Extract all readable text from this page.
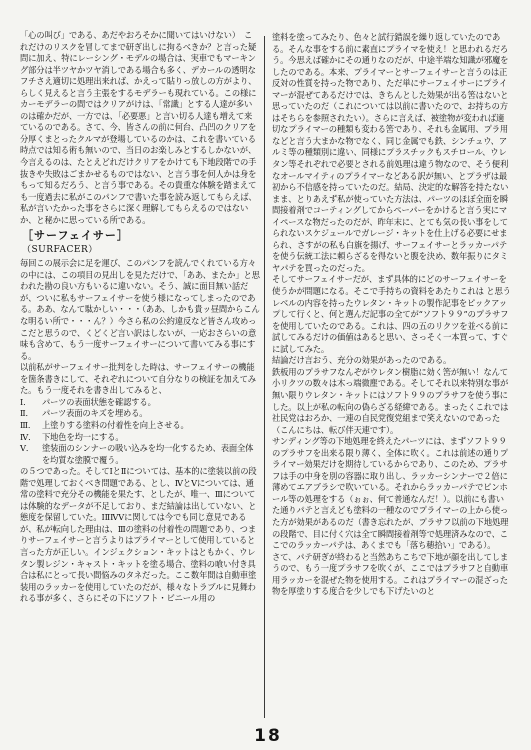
「心の叫び」である、あだやおろそかに聞いてはいけない）　これだけのリスクを冒してまで研ぎ出しに拘るべきか？と言った疑問に加え、特にレーシング・モデルの場合は、実車でもマーキング部分は半ツヤかツヤ消しである場合も多く、デカールの透明なフチさえ適切に処理出来れば、かえって貼りっ放しの方がより、らしく見えると言う主張をするモデラーも現れている。この様にカーモデラーの間ではクリアがけは、「常識」とする人達が多いのは確かだが、一方では、「必要悪」と言い切る人達も増えて来ているのである。さて、今、皆さんの前に何台、凸凹のクリアを分厚くまとったクルマが登場しているのかは、これを書いている時点では知る術も無いので、当日のお楽しみとするしかないが、今言えるのは、たとえどれだけクリアをかけても下地段階での手抜きや失敗はごまかせるものではない、と言う事を何人かは身をもって知るだろう、と言う事である。その貴重な体験を踏まえても一度過去に私がこのパンフで書いた事を読み返してもらえば、私が言いたかった事をさらに深く理解してもらえるのではないか、と秘かに思っている所である。

［サーフェイサー］
（SURFACER）

毎回この展示会に足を運び、このパンフを読んでくれている方々の中には、この項目の見出しを見ただけで、「ああ、またか」と思われた勘の良い方もいるに違いない。そう、誠に面目無い話だが、ついに私もサーフェイサーを使う様になってしまったのである。ああ、なんて駄かしい・・・（ああ、しかも貴ッ昼間からこんな明るい所で・・・ん？）今さら私の公約違反など皆さん攻めっこだと思うので、くどくど言い訳はしないが、一応おさらいの意味も含めて、もう一度サーフェイサーについて書いてみる事にする。

以前私がサーフェイサー批判をした時は、サーフェイサーの機能を箇条書きにして、それぞれについて自分なりの検証を加えてみた。もう一度それを書き出してみると、

Ⅰ．	パーツの表面状態を確認する。
Ⅱ．	パーツ表面のキズを埋める。
Ⅲ． 上塗りする塗料の付着性を向上させる。
Ⅳ． 下地色を均一にする。
Ⅴ． 塗装面のシンナーの吸い込みを均一化するため、表面全体を均質な塗膜で覆う。

の５つであった。そしてⅠとⅡについては、基本的に塗装以前の段階で処理しておくべき問題である、とし、ⅣとⅤについては、通常の塗料で充分その機能を果たす、としたが、唯一、Ⅲについては体験的なデータが不足しており、まだ結論は出していない、と態度を保留していた。ⅠⅡⅣⅤに関しては今でも同じ意見であるが、私が転向した理由は、Ⅲの塗料の付着性の問題であり、つまりサーフェイサーと言うよりはプライマーとして使用していると言った方が正しい。インジェクション・キットはともかく、ウレタン製レジン・キャスト・キットを塗る場合、塗料の喰い付き具合は私にとって長い間悩みのタネだった。ここ数年間は自動車塗装用のラッカーを使用していたのだが、様々なトラブルに見舞われる事が多く、さらにその下にソフト・ビニール用の

塗料を塗ってみたり、色々と試行錯誤を繰り返していたのである。そんな事をする前に素直にプライマを使え！と思われるだろう。今思えば確かにその通りなのだが、中途半端な知識が邪魔をしたのである。本来、プライマーとサーフェイサーと言うのは正反対の性質を持った物であり、ただ単にサーフェイサーにプライマーが混ぜてあるだけでは、きちんとした効果が出る筈はないと思っていたのだ（これについては以前に書いたので、お持ちの方はそちらを参照されたい）。さらに言えば、被塗物が変われば適切なプライマーの種類も変わる筈であり、それも金属用、プラ用などと言う大まかな物でなく、同じ金属でも鉄、シンチュウ、アルミ等の種類別に違い、同様にプラスチックもスチロール、ウレタン等それぞれで必要とされる前処理は違う物なので、そう便利なオールマイティのプライマーなどある訳が無い、とプラザは最初から不信感を持っていたのだ。結局、決定的な解答を持たないまま、とりあえず私が使っていた方法は、パーツのほぼ全面を瞬間接着剤でコーティングしてからペーパーをかけると言う実にマイペースな物だったのだが、昨年末に、とても気の長い事をしてられないスケジュールでガレージ・キットを仕上げる必要にせまられ、さすがの私も白旗を揚げ、サーフェイサーとラッカーパテを使う伝統工法に頼らざるを得ないと腹を決め、数年振りにタミヤパテを買ったのだった。

そしてサーフェイサーだが、まず具体的にどのサーフェイサーを使うかが問題になる。そこで手持ちの資料をあたりこれは と思うレベルの内容を持ったウレタン・キットの製作記事をピックアップして行くと、何と選んだ記事の全てが“ソフト９９”のプラサフを使用していたのである。これは、四の五のリクツを並べる前に試してみるだけの価値はあると思い、さっそく一本買って、すぐに試してみた。

結論だけ言おう、充分の効果があったのである。

鉄板用のプラサフなんぞがウレタン樹脂に効く筈が無い！なんて小リクツの数々は木っ端微塵である。そしてそれ以来特別な事が無い限りウレタン・キットにはソフト９９のプラサフを使う事にした。以上が私の転向の偽らざる経緯である。まったくこれでは社民党はおろか、一連の自民党復党組まで笑えないのであった（こんにちは、転び伴天連です）。

サンディング等の下地処理を終えたパーツには、まずソフト９９のプラサフを出来る限り薄く、全体に吹く。これは前述の通りプライマー効果だけを期待しているからであり、このため、プラサフは手の中身を別の容器に取り出し、ラッカーシンナーで２倍に薄めてエアブラシで吹いている。それからラッカーパテでピンホール等の処理をする（ぉぉ、何て普通なんだ！）。以前にも書いた通りパテと言えども塗料の一種なのでプライマーの上から使った方が効果があるのだ（書き忘れたが、プラサフ以前の下地処理の段階で、目に付く穴は全て瞬間接着剤等で処理済みなので、ここでのラッカーパテは、あくまでも「落ち穂拾い」である）。

さて、パテ研ぎが終わると当然あちこちで下地が顔を出してしまうので、もう一度プラサフを吹くが、ここではプラサフと自動車用ラッカーを混ぜた物を使用する。これはプライマーの混ざった物を厚塗りする度合を少しでも下げたいのと

18
